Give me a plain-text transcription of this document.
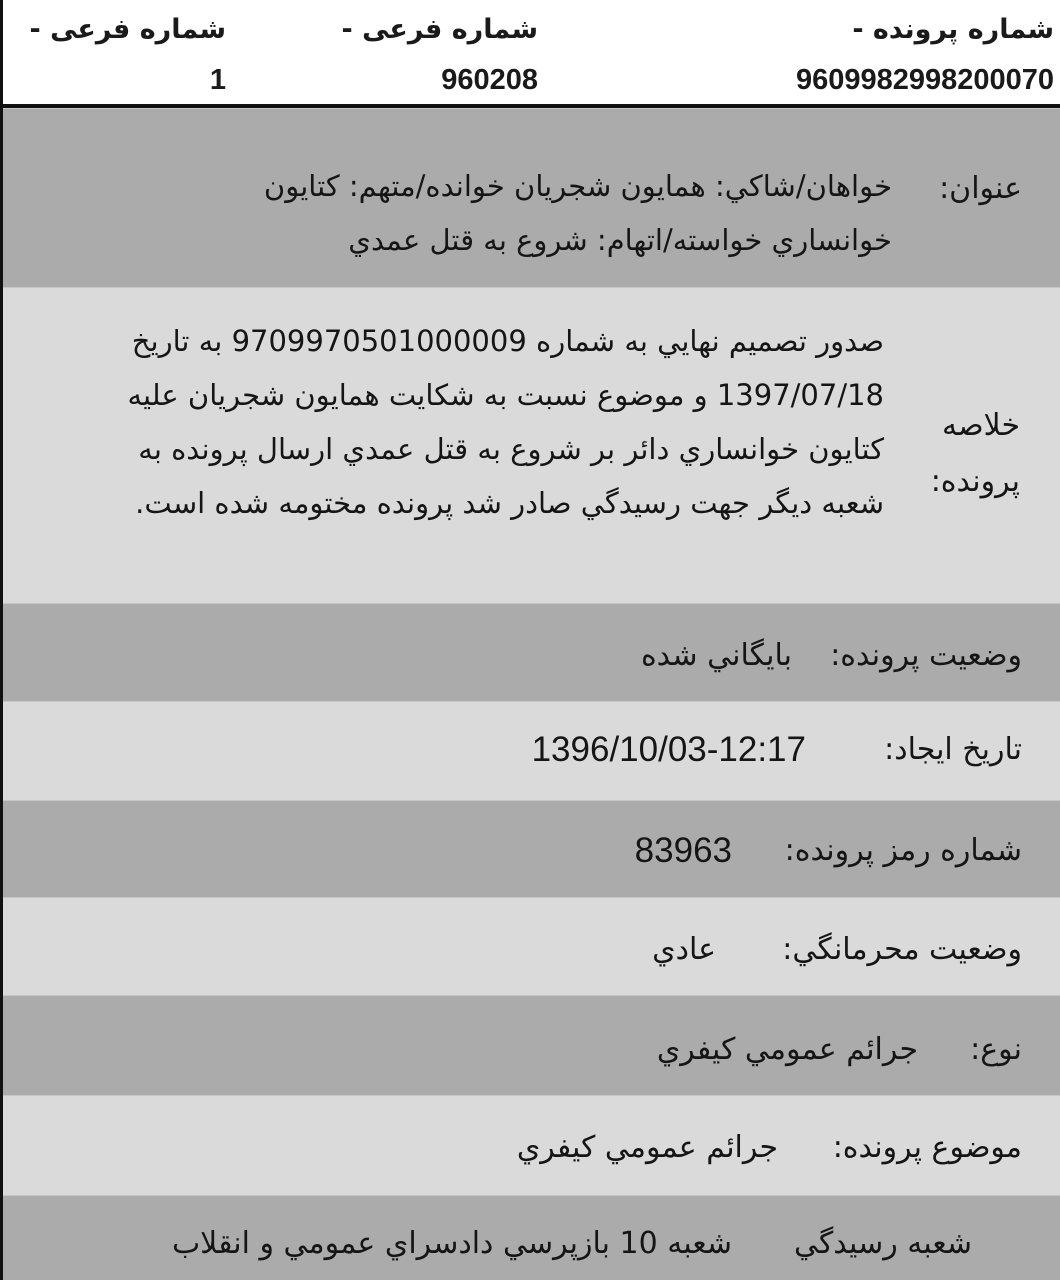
شماره پرونده -
9609982998200070
شماره فرعی -
960208
شماره فرعی -
1
عنوان:
خواهان/شاكي: همايون شجريان خوانده/متهم: كتايون خوانساري خواسته/اتهام: شروع به قتل عمدي
خلاصه
پرونده:
صدور تصميم نهايي به شماره 9709970501000009 به تاريخ 1397/07/18 و موضوع نسبت به شكايت همايون شجريان عليه كتايون خوانساري دائر بر شروع به قتل عمدي ارسال پرونده به شعبه ديگر جهت رسيدگي صادر شد پرونده مختومه شده است.
وضعيت پرونده:
بايگاني شده
تاريخ ايجاد:
1396/10/03-12:17
شماره رمز پرونده:
83963
وضعيت محرمانگي:
عادي
نوع:
جرائم عمومي كيفري
موضوع پرونده:
جرائم عمومي كيفري
شعبه رسيدگي
شعبه 10 بازپرسي دادسراي عمومي و انقلاب
